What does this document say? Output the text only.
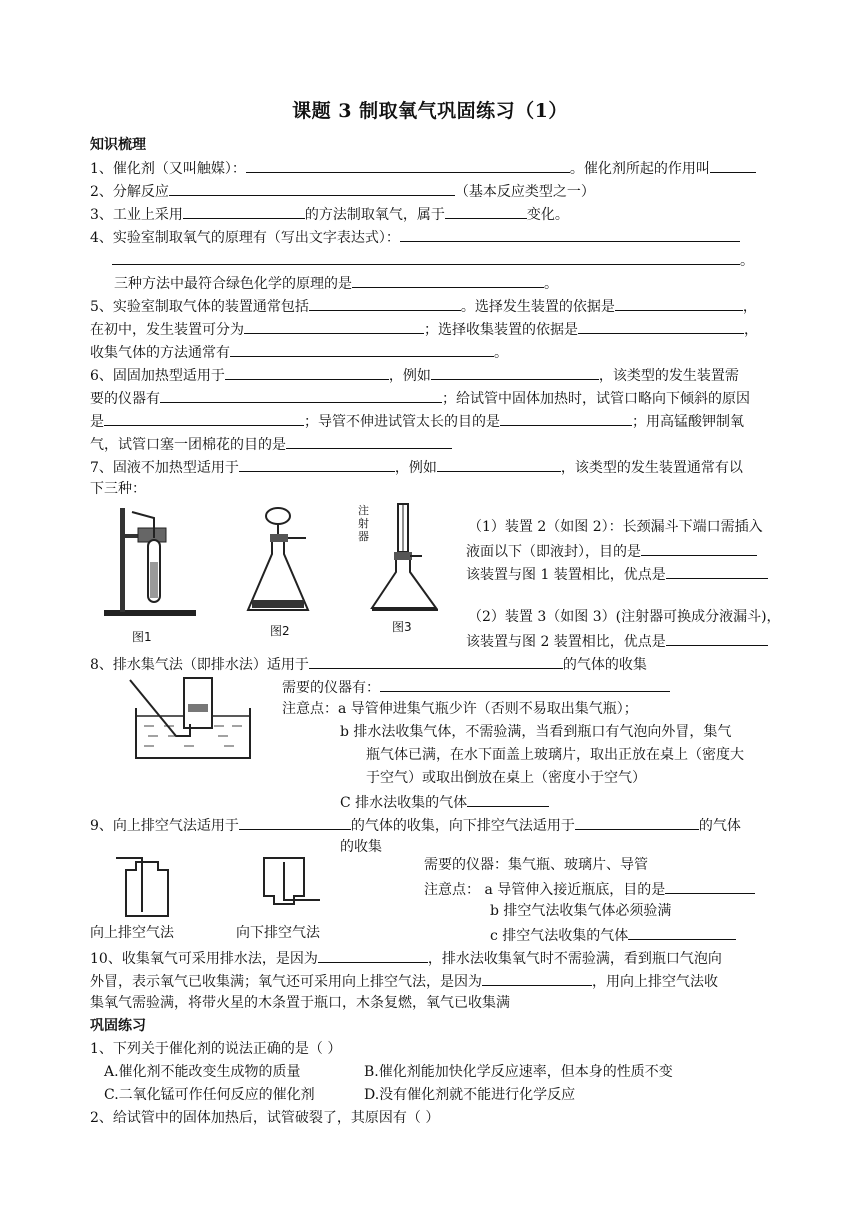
课题 3 制取氧气巩固练习（1）
知识梳理
1、催化剂（又叫触媒）：	。催化剂所起的作用叫
2、分解反应	（基本反应类型之一）
3、工业上采用	的方法制取氧气，属于	变化。
4、实验室制取氧气的原理有（写出文字表达式）：
。
三种方法中最符合绿色化学的原理的是	。
5、实验室制取气体的装置通常包括	。选择发生装置的依据是	，
在初中，发生装置可分为	；选择收集装置的依据是	，
收集气体的方法通常有	。
6、固固加热型适用于	，例如	，该类型的发生装置需
要的仪器有	；给试管中固体加热时，试管口略向下倾斜的原因
是	；导管不伸进试管太长的目的是	；用高锰酸钾制氧
气，试管口塞一团棉花的目的是
7、固液不加热型适用于	，例如	，该类型的发生装置通常有以
下三种：
图1	图2
注射器
图3
（1）装置 2（如图 2）：长颈漏斗下端口需插入
液面以下（即液封），目的是
该装置与图 1 装置相比，优点是
（2）装置 3（如图 3）(注射器可换成分液漏斗)，
该装置与图 2 装置相比，优点是
8、排水集气法（即排水法）适用于	的气体的收集
需要的仪器有：
注意点：a 导管伸进集气瓶少许（否则不易取出集气瓶）；
b 排水法收集气体，不需验满，当看到瓶口有气泡向外冒，集气
瓶气体已满，在水下面盖上玻璃片，取出正放在桌上（密度大
于空气）或取出倒放在桌上（密度小于空气）
C 排水法收集的气体
9、向上排空气法适用于	的气体的收集，向下排空气法适用于	的气体
的收集
向上排空气法	向下排空气法
需要的仪器：集气瓶、玻璃片、导管
注意点： a 导管伸入接近瓶底，目的是
b 排空气法收集气体必须验满
c 排空气法收集的气体
10、收集氧气可采用排水法，是因为	，排水法收集氧气时不需验满，看到瓶口气泡向
外冒，表示氧气已收集满；氧气还可采用向上排空气法，是因为	，用向上排空气法收
集氧气需验满，将带火星的木条置于瓶口，木条复燃，氧气已收集满
巩固练习
1、下列关于催化剂的说法正确的是（ ）
A.催化剂不能改变生成物的质量	B.催化剂能加快化学反应速率，但本身的性质不变
C.二氧化锰可作任何反应的催化剂	D.没有催化剂就不能进行化学反应
2、给试管中的固体加热后，试管破裂了，其原因有（ ）
